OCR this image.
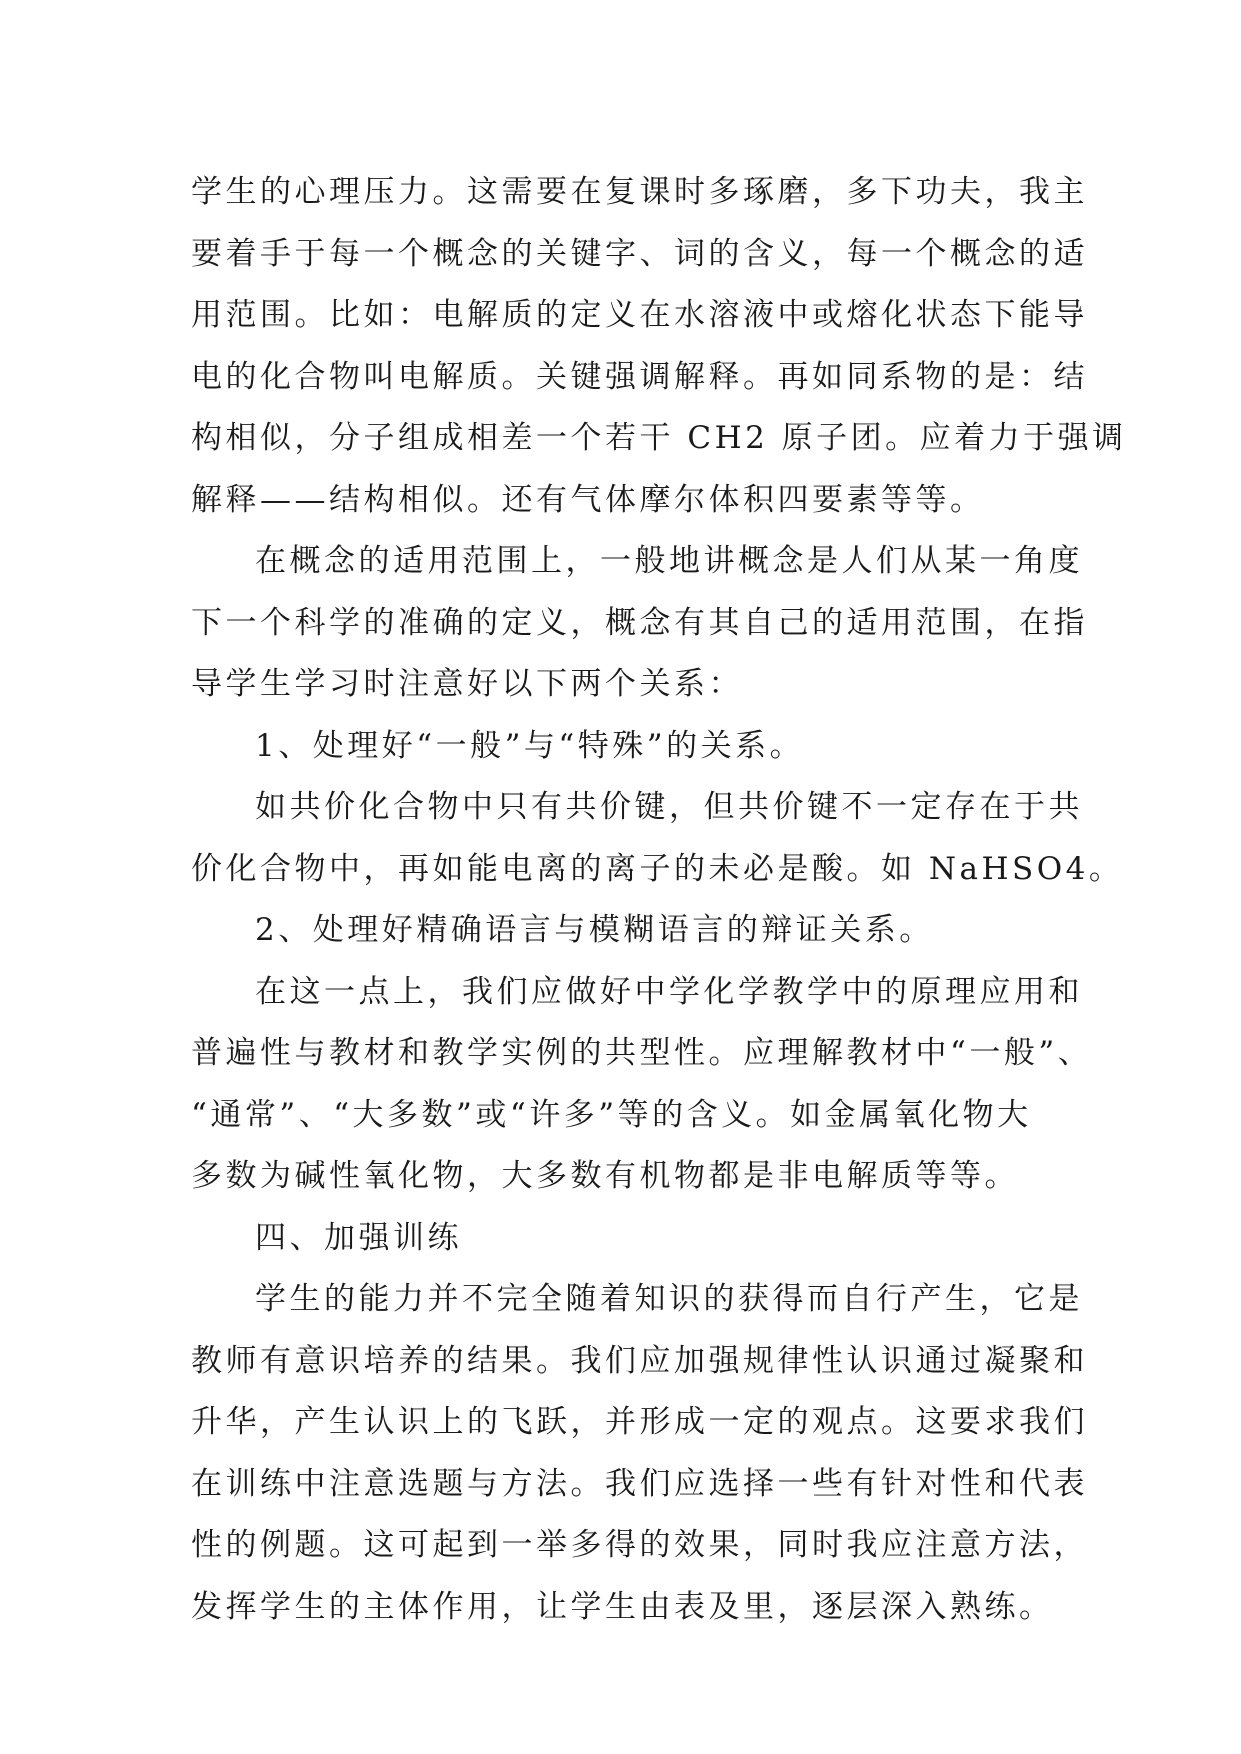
学生的心理压力。这需要在复课时多琢磨，多下功夫，我主
要着手于每一个概念的关键字、词的含义，每一个概念的适
用范围。比如：电解质的定义在水溶液中或熔化状态下能导
电的化合物叫电解质。关键强调解释。再如同系物的是：结
构相似，分子组成相差一个若干 CH2 原子团。应着力于强调
解释——结构相似。还有气体摩尔体积四要素等等。
在概念的适用范围上，一般地讲概念是人们从某一角度
下一个科学的准确的定义，概念有其自己的适用范围，在指
导学生学习时注意好以下两个关系：
1、处理好“一般”与“特殊”的关系。
如共价化合物中只有共价键，但共价键不一定存在于共
价化合物中，再如能电离的离子的未必是酸。如 NaHSO4。
2、处理好精确语言与模糊语言的辩证关系。
在这一点上，我们应做好中学化学教学中的原理应用和
普遍性与教材和教学实例的共型性。应理解教材中“一般”、
“通常”、“大多数”或“许多”等的含义。如金属氧化物大
多数为碱性氧化物，大多数有机物都是非电解质等等。
四、加强训练
学生的能力并不完全随着知识的获得而自行产生，它是
教师有意识培养的结果。我们应加强规律性认识通过凝聚和
升华，产生认识上的飞跃，并形成一定的观点。这要求我们
在训练中注意选题与方法。我们应选择一些有针对性和代表
性的例题。这可起到一举多得的效果，同时我应注意方法，
发挥学生的主体作用，让学生由表及里，逐层深入熟练。
